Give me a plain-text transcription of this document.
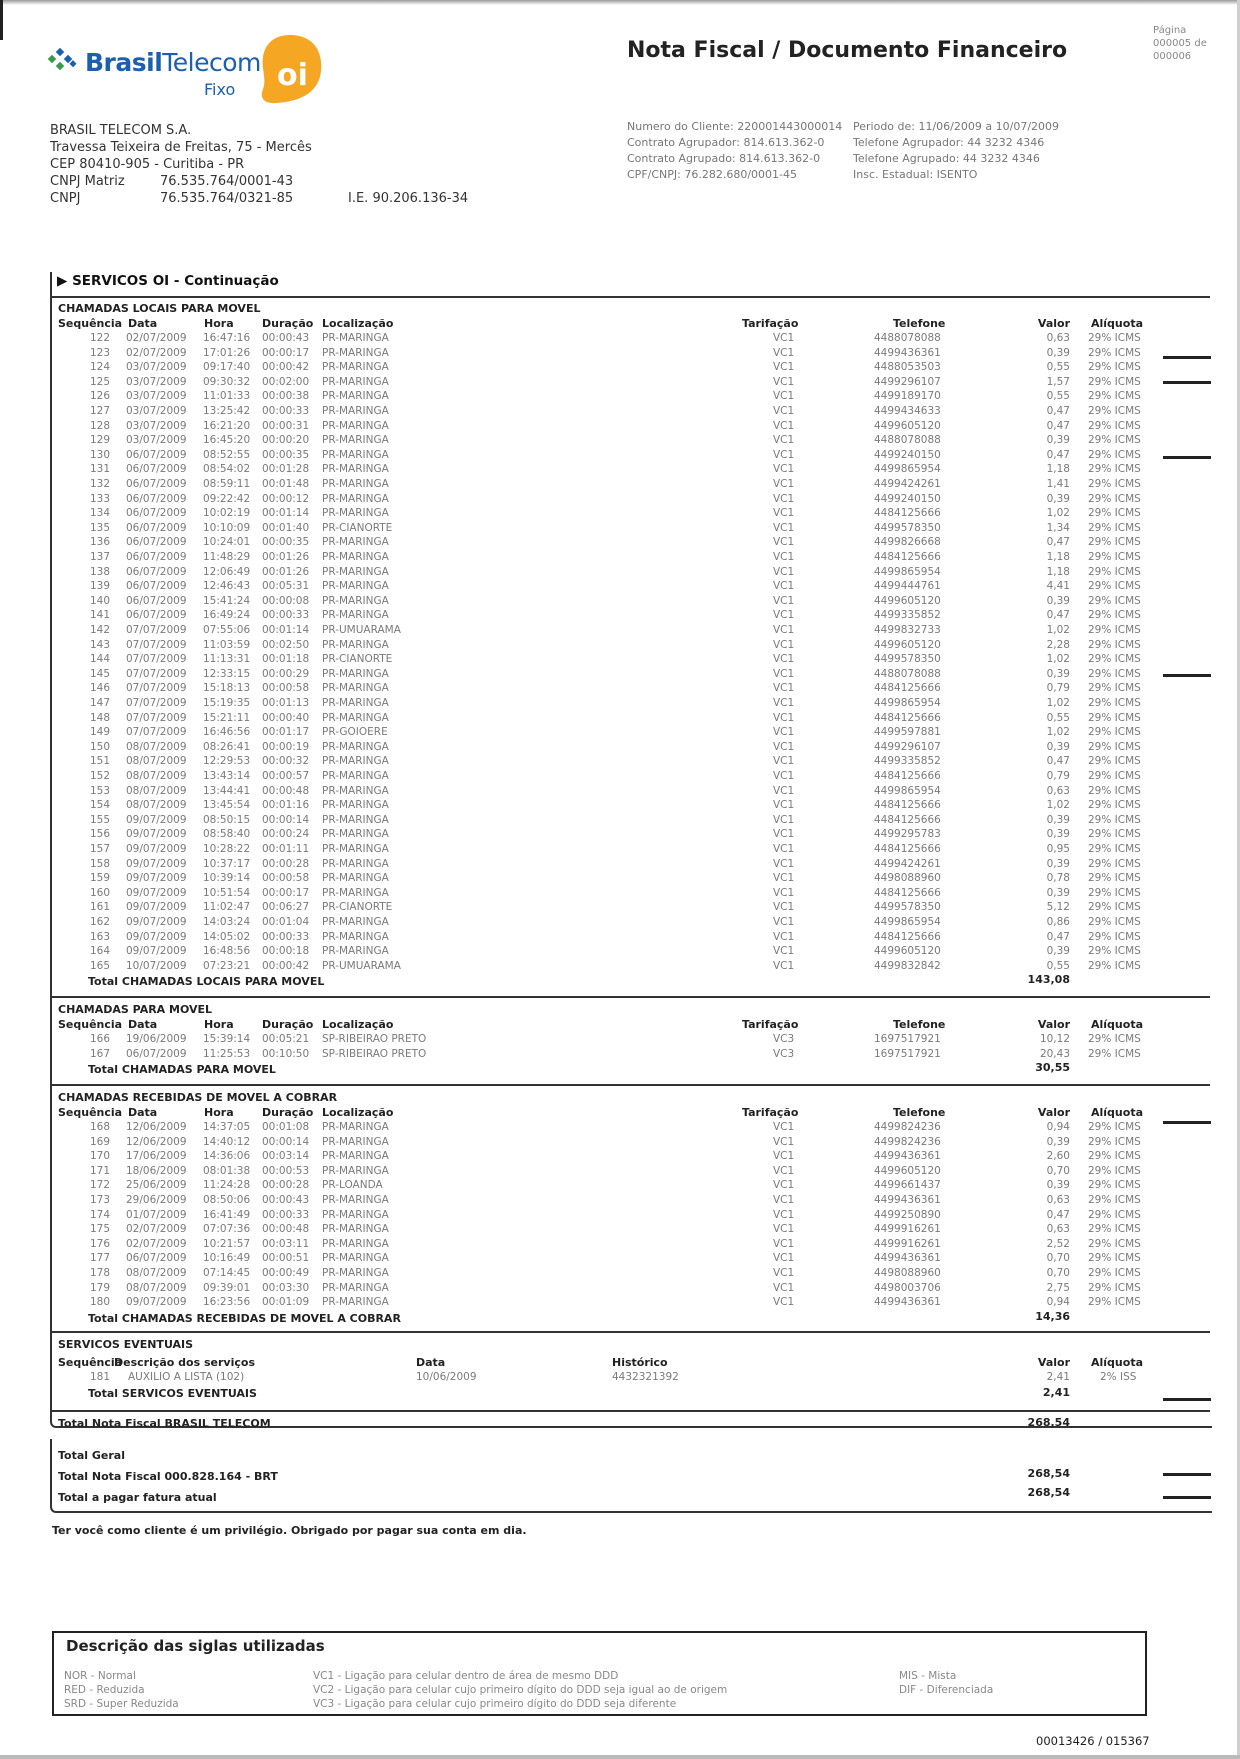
BrasilTelecom
Fixo oi
BRASIL TELECOM S.A.
Travessa Teixeira de Freitas, 75 - Mercês
CEP 80410-905 - Curitiba - PR
CNPJ Matriz	76.535.764/0001-43
CNPJ	76.535.764/0321-85	I.E. 90.206.136-34
Nota Fiscal / Documento Financeiro
Página
000005 de
000006
Numero do Cliente: 220001443000014
Contrato Agrupador: 814.613.362-0
Contrato Agrupado: 814.613.362-0
CPF/CNPJ: 76.282.680/0001-45
Periodo de: 11/06/2009 a 10/07/2009
Telefone Agrupador: 44 3232 4346
Telefone Agrupado: 44 3232 4346
Insc. Estadual: ISENTO
▶ SERVICOS OI - Continuação
CHAMADAS LOCAIS PARA MOVEL
Sequência Data	Hora	Duração Localização	Tarifação	Telefone	Valor Alíquota
122 02/07/2009 16:47:16 00:00:43 PR-MARINGA	VC1	4488078088	0,63 29% ICMS
123 02/07/2009 17:01:26 00:00:17 PR-MARINGA	VC1	4499436361	0,39 29% ICMS
124 03/07/2009 09:17:40 00:00:42 PR-MARINGA	VC1	4488053503	0,55 29% ICMS
125 03/07/2009 09:30:32 00:02:00 PR-MARINGA	VC1	4499296107	1,57 29% ICMS
126 03/07/2009 11:01:33 00:00:38 PR-MARINGA	VC1	4499189170	0,55 29% ICMS
127 03/07/2009 13:25:42 00:00:33 PR-MARINGA	VC1	4499434633	0,47 29% ICMS
128 03/07/2009 16:21:20 00:00:31 PR-MARINGA	VC1	4499605120	0,47 29% ICMS
129 03/07/2009 16:45:20 00:00:20 PR-MARINGA	VC1	4488078088	0,39 29% ICMS
130 06/07/2009 08:52:55 00:00:35 PR-MARINGA	VC1	4499240150	0,47 29% ICMS
131 06/07/2009 08:54:02 00:01:28 PR-MARINGA	VC1	4499865954	1,18 29% ICMS
132 06/07/2009 08:59:11 00:01:48 PR-MARINGA	VC1	4499424261	1,41 29% ICMS
133 06/07/2009 09:22:42 00:00:12 PR-MARINGA	VC1	4499240150	0,39 29% ICMS
134 06/07/2009 10:02:19 00:01:14 PR-MARINGA	VC1	4484125666	1,02 29% ICMS
135 06/07/2009 10:10:09 00:01:40 PR-CIANORTE	VC1	4499578350	1,34 29% ICMS
136 06/07/2009 10:24:01 00:00:35 PR-MARINGA	VC1	4499826668	0,47 29% ICMS
137 06/07/2009 11:48:29 00:01:26 PR-MARINGA	VC1	4484125666	1,18 29% ICMS
138 06/07/2009 12:06:49 00:01:26 PR-MARINGA	VC1	4499865954	1,18 29% ICMS
139 06/07/2009 12:46:43 00:05:31 PR-MARINGA	VC1	4499444761	4,41 29% ICMS
140 06/07/2009 15:41:24 00:00:08 PR-MARINGA	VC1	4499605120	0,39 29% ICMS
141 06/07/2009 16:49:24 00:00:33 PR-MARINGA	VC1	4499335852	0,47 29% ICMS
142 07/07/2009 07:55:06 00:01:14 PR-UMUARAMA	VC1	4499832733	1,02 29% ICMS
143 07/07/2009 11:03:59 00:02:50 PR-MARINGA	VC1	4499605120	2,28 29% ICMS
144 07/07/2009 11:13:31 00:01:18 PR-CIANORTE	VC1	4499578350	1,02 29% ICMS
145 07/07/2009 12:33:15 00:00:29 PR-MARINGA	VC1	4488078088	0,39 29% ICMS
146 07/07/2009 15:18:13 00:00:58 PR-MARINGA	VC1	4484125666	0,79 29% ICMS
147 07/07/2009 15:19:35 00:01:13 PR-MARINGA	VC1	4499865954	1,02 29% ICMS
148 07/07/2009 15:21:11 00:00:40 PR-MARINGA	VC1	4484125666	0,55 29% ICMS
149 07/07/2009 16:46:56 00:01:17 PR-GOIOERE	VC1	4499597881	1,02 29% ICMS
150 08/07/2009 08:26:41 00:00:19 PR-MARINGA	VC1	4499296107	0,39 29% ICMS
151 08/07/2009 12:29:53 00:00:32 PR-MARINGA	VC1	4499335852	0,47 29% ICMS
152 08/07/2009 13:43:14 00:00:57 PR-MARINGA	VC1	4484125666	0,79 29% ICMS
153 08/07/2009 13:44:41 00:00:48 PR-MARINGA	VC1	4499865954	0,63 29% ICMS
154 08/07/2009 13:45:54 00:01:16 PR-MARINGA	VC1	4484125666	1,02 29% ICMS
155 09/07/2009 08:50:15 00:00:14 PR-MARINGA	VC1	4484125666	0,39 29% ICMS
156 09/07/2009 08:58:40 00:00:24 PR-MARINGA	VC1	4499295783	0,39 29% ICMS
157 09/07/2009 10:28:22 00:01:11 PR-MARINGA	VC1	4484125666	0,95 29% ICMS
158 09/07/2009 10:37:17 00:00:28 PR-MARINGA	VC1	4499424261	0,39 29% ICMS
159 09/07/2009 10:39:14 00:00:58 PR-MARINGA	VC1	4498088960	0,78 29% ICMS
160 09/07/2009 10:51:54 00:00:17 PR-MARINGA	VC1	4484125666	0,39 29% ICMS
161 09/07/2009 11:02:47 00:06:27 PR-CIANORTE	VC1	4499578350	5,12 29% ICMS
162 09/07/2009 14:03:24 00:01:04 PR-MARINGA	VC1	4499865954	0,86 29% ICMS
163 09/07/2009 14:05:02 00:00:33 PR-MARINGA	VC1	4484125666	0,47 29% ICMS
164 09/07/2009 16:48:56 00:00:18 PR-MARINGA	VC1	4499605120	0,39 29% ICMS
165 10/07/2009 07:23:21 00:00:42 PR-UMUARAMA	VC1	4499832842	0,55 29% ICMS
Total CHAMADAS LOCAIS PARA MOVEL	143,08
CHAMADAS PARA MOVEL
Sequência Data	Hora	Duração Localização	Tarifação	Telefone	Valor Alíquota
166 19/06/2009 15:39:14 00:05:21 SP-RIBEIRAO PRETO	VC3	1697517921	10,12 29% ICMS
167 06/07/2009 11:25:53 00:10:50 SP-RIBEIRAO PRETO	VC3	1697517921	20,43 29% ICMS
Total CHAMADAS PARA MOVEL	30,55
CHAMADAS RECEBIDAS DE MOVEL A COBRAR
Sequência Data	Hora	Duração Localização	Tarifação	Telefone	Valor Alíquota
168 12/06/2009 14:37:05 00:01:08 PR-MARINGA	VC1	4499824236	0,94 29% ICMS
169 12/06/2009 14:40:12 00:00:14 PR-MARINGA	VC1	4499824236	0,39 29% ICMS
170 17/06/2009 14:36:06 00:03:14 PR-MARINGA	VC1	4499436361	2,60 29% ICMS
171 18/06/2009 08:01:38 00:00:53 PR-MARINGA	VC1	4499605120	0,70 29% ICMS
172 25/06/2009 11:24:28 00:00:28 PR-LOANDA	VC1	4499661437	0,39 29% ICMS
173 29/06/2009 08:50:06 00:00:43 PR-MARINGA	VC1	4499436361	0,63 29% ICMS
174 01/07/2009 16:41:49 00:00:33 PR-MARINGA	VC1	4499250890	0,47 29% ICMS
175 02/07/2009 07:07:36 00:00:48 PR-MARINGA	VC1	4499916261	0,63 29% ICMS
176 02/07/2009 10:21:57 00:03:11 PR-MARINGA	VC1	4499916261	2,52 29% ICMS
177 06/07/2009 10:16:49 00:00:51 PR-MARINGA	VC1	4499436361	0,70 29% ICMS
178 08/07/2009 07:14:45 00:00:49 PR-MARINGA	VC1	4498088960	0,70 29% ICMS
179 08/07/2009 09:39:01 00:03:30 PR-MARINGA	VC1	4498003706	2,75 29% ICMS
180 09/07/2009 16:23:56 00:01:09 PR-MARINGA	VC1	4499436361	0,94 29% ICMS
Total CHAMADAS RECEBIDAS DE MOVEL A COBRAR	14,36
SERVICOS EVENTUAIS
Sequência
Descrição dos serviços	Data	Histórico	Valor Alíquota
181 AUXILIO A LISTA (102)	10/06/2009	4432321392	2,41	2% ISS
Total SERVICOS EVENTUAIS	2,41
Total Nota Fiscal BRASIL TELECOM	268,54
Total Geral
Total Nota Fiscal 000.828.164 - BRT	268,54
Total a pagar fatura atual	268,54
Ter você como cliente é um privilégio. Obrigado por pagar sua conta em dia.
Descrição das siglas utilizadas
NOR - Normal
RED - Reduzida
SRD - Super Reduzida
VC1 - Ligação para celular dentro de área de mesmo DDD
VC2 - Ligação para celular cujo primeiro dígito do DDD seja igual ao de origem
VC3 - Ligação para celular cujo primeiro dígito do DDD seja diferente
MIS - Mista
DIF - Diferenciada
00013426 / 015367
